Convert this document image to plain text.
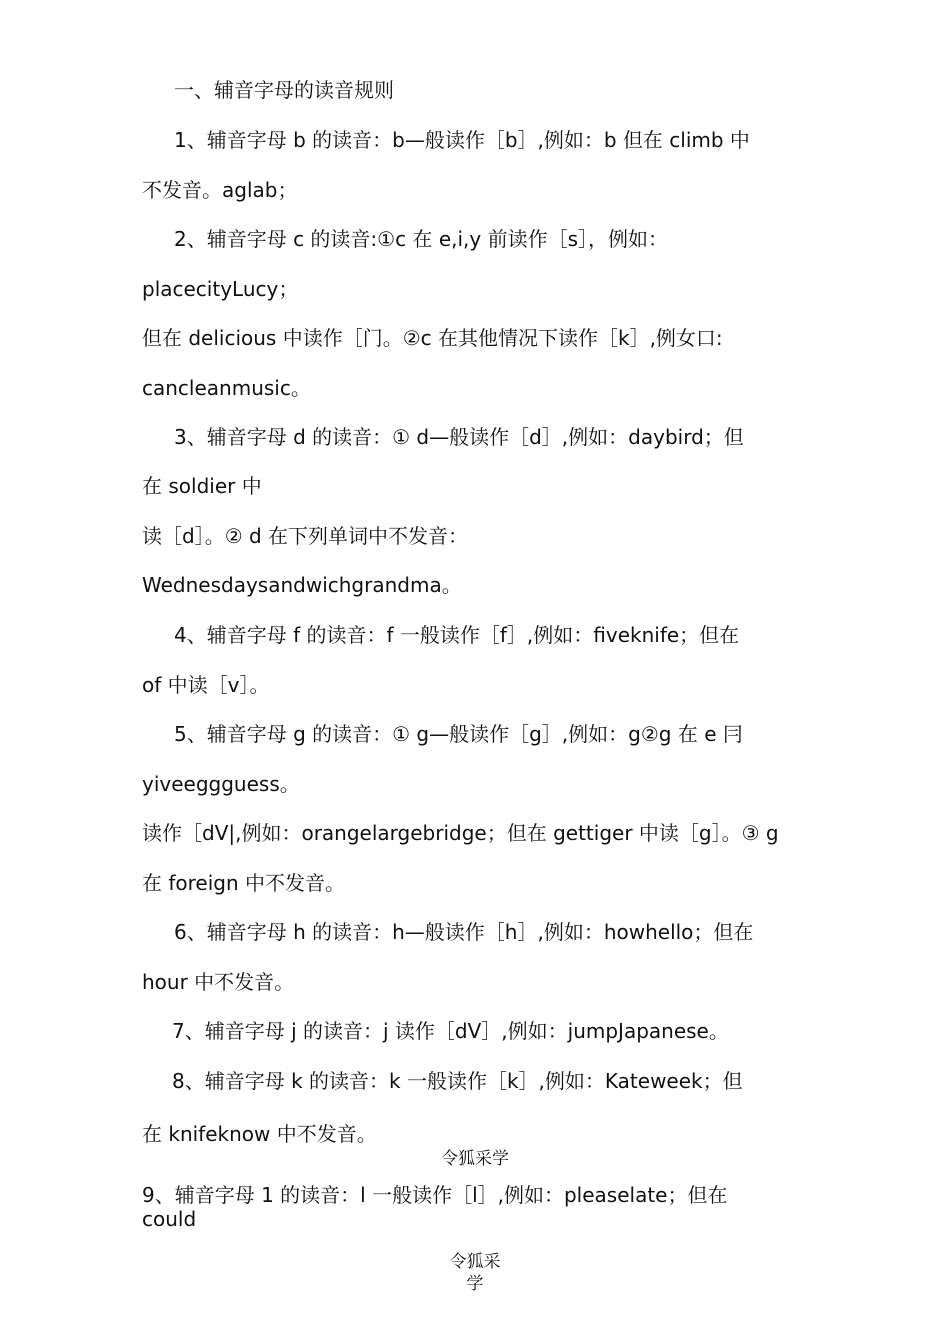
一、辅音字母的读音规则
1、辅音字母 b 的读音：b—般读作［b］,例如：b 但在 climb 中
不发音。aglab；
2、辅音字母 c 的读音:①c 在 e,i,y 前读作［s］，例如：
placecityLucy；
但在 delicious 中读作［门。②c 在其他情况下读作［k］,例女口:
cancleanmusic。
3、辅音字母 d 的读音：① d—般读作［d］,例如：daybird；但
在 soldier 中
读［d］。② d 在下列单词中不发音：
Wednesdaysandwichgrandma。
4、辅音字母 f 的读音：f 一般读作［f］,例如：fiveknife；但在
of 中读［v］。
5、辅音字母 g 的读音：① g—般读作［g］,例如：g②g 在 e 冃
yiveeggguess。
读作［dV|,例如：orangelargebridge；但在 gettiger 中读［g］。③ g
在 foreign 中不发音。
6、辅音字母 h 的读音：h—般读作［h］,例如：howhello；但在
hour 中不发音。
7、辅音字母 j 的读音：j 读作［dV］,例如：jumpJapanese。
8、辅音字母 k 的读音：k 一般读作［k］,例如：Kateweek；但
在 knifeknow 中不发音。
令狐采学
9、辅音字母 1 的读音：l 一般读作［l］,例如：pleaselate；但在
could
令狐采学
